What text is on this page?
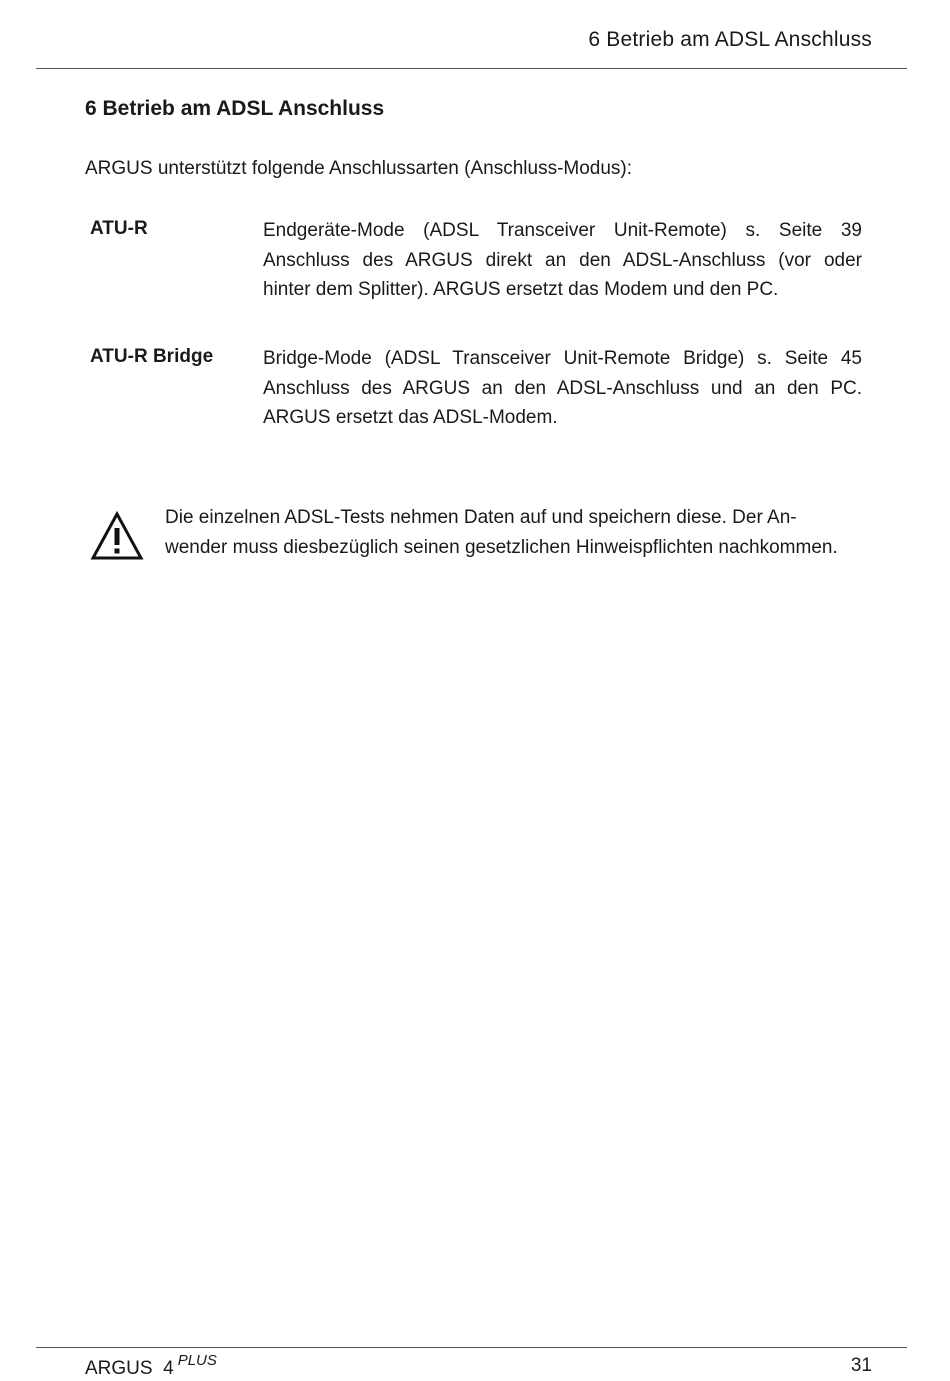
6 Betrieb am ADSL Anschluss
6 Betrieb am ADSL Anschluss
ARGUS unterstützt folgende Anschlussarten (Anschluss-Modus):
ATU-R	Endgeräte-Mode (ADSL Transceiver Unit-Remote) s. Seite 39
Anschluss des ARGUS direkt an den ADSL-Anschluss (vor oder
hinter dem Splitter). ARGUS ersetzt das Modem und den PC.
ATU-R Bridge	Bridge-Mode (ADSL Transceiver Unit-Remote Bridge) s. Seite 45
Anschluss des ARGUS an den ADSL-Anschluss und an den PC.
ARGUS ersetzt das ADSL-Modem.
Die einzelnen ADSL-Tests nehmen Daten auf und speichern diese. Der An-
wender muss diesbezüglich seinen gesetzlichen Hinweispflichten nachkommen.
ARGUS  4 $^{PLUS}$	31
